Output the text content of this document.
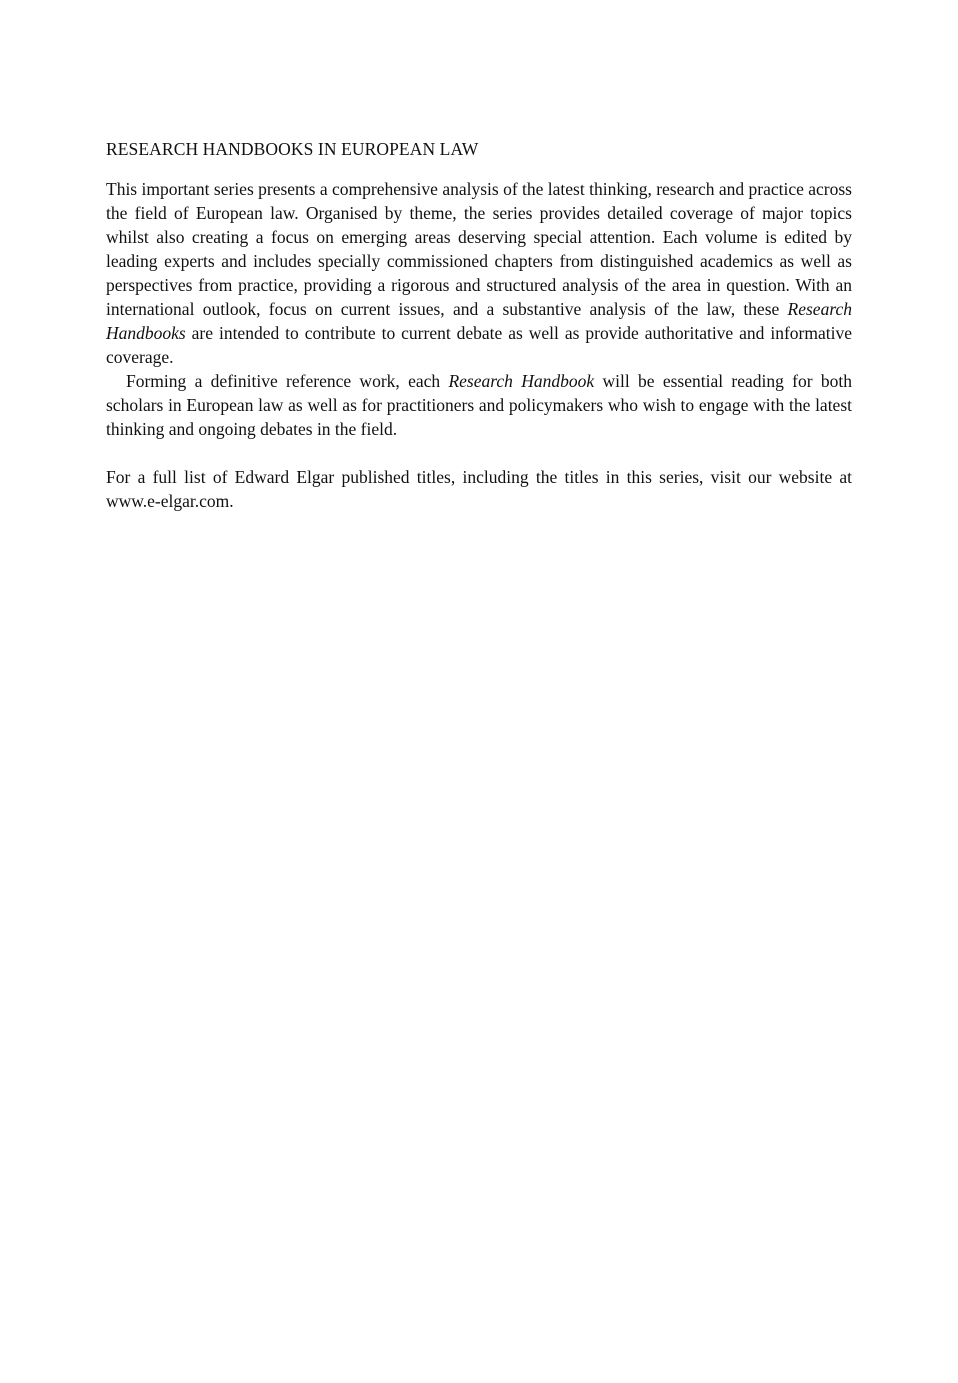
RESEARCH HANDBOOKS IN EUROPEAN LAW

This important series presents a comprehensive analysis of the latest thinking, research and practice across the field of European law. Organised by theme, the series provides detailed coverage of major topics whilst also creating a focus on emerging areas deserving special attention. Each volume is edited by leading experts and includes specially commissioned chapters from distinguished academics as well as perspectives from practice, providing a rigorous and structured analysis of the area in question. With an international outlook, focus on current issues, and a substantive analysis of the law, these Research Handbooks are intended to contribute to current debate as well as provide authoritative and informative coverage.

Forming a definitive reference work, each Research Handbook will be essential reading for both scholars in European law as well as for practitioners and policymakers who wish to engage with the latest thinking and ongoing debates in the field.

For a full list of Edward Elgar published titles, including the titles in this series, visit our website at www.e-elgar.com.
